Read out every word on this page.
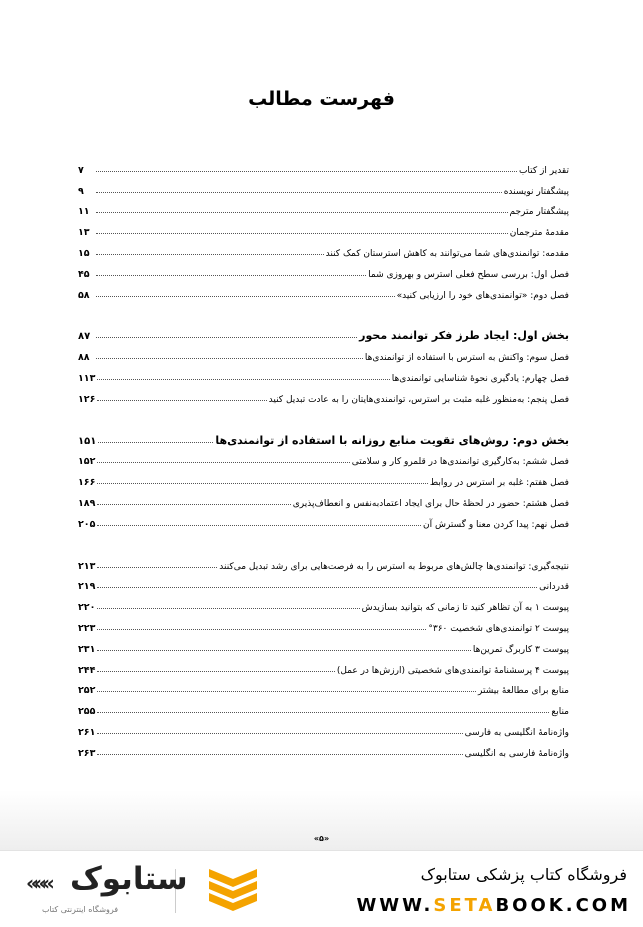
فهرست مطالب
تقدیر از کتاب
۷
پیشگفتار نویسنده
۹
پیشگفتار مترجم
۱۱
مقدمهٔ مترجمان
۱۳
مقدمه: توانمندی‌های شما می‌توانند به کاهش استرستان کمک کنند
۱۵
فصل اول: بررسی سطح فعلی استرس و بهروزی شما
۴۵
فصل دوم: «توانمندی‌های خود را ارزیابی کنید»
۵۸
بخش اول: ایجاد طرز فکر توانمند محور
۸۷
فصل سوم: واکنش به استرس با استفاده از توانمندی‌ها
۸۸
فصل چهارم: یادگیری نحوهٔ شناسایی توانمندی‌ها
۱۱۳
فصل پنجم: به‌منظور غلبه مثبت بر استرس، توانمندی‌هایتان را به عادت تبدیل کنید
۱۲۶
بخش دوم: روش‌های تقویت منابع روزانه با استفاده از توانمندی‌ها
۱۵۱
فصل ششم: به‌کارگیری توانمندی‌ها در قلمرو کار و سلامتی
۱۵۲
فصل هفتم: غلبه بر استرس در روابط
۱۶۶
فصل هشتم: حضور در لحظهٔ حال برای ایجاد اعتمادبه‌نفس و انعطاف‌پذیری
۱۸۹
فصل نهم: پیدا کردن معنا و گسترش آن
۲۰۵
نتیجه‌گیری: توانمندی‌ها چالش‌های مربوط به استرس را به فرصت‌هایی برای رشد تبدیل می‌کنند
۲۱۳
قدردانی
۲۱۹
پیوست ۱ به آن تظاهر کنید تا زمانی که بتوانید بسازیدش
۲۲۰
پیوست ۲ توانمندی‌های شخصیت ۳۶۰°
۲۲۳
پیوست ۳ کاربرگ تمرین‌ها
۲۳۱
پیوست ۴ پرسشنامهٔ توانمندی‌های شخصیتی (ارزش‌ها در عمل)
۲۴۴
منابع برای مطالعهٔ بیشتر
۲۵۲
منابع
۲۵۵
واژه‌نامهٔ انگلیسی به فارسی
۲۶۱
واژه‌نامهٔ فارسی به انگلیسی
۲۶۳
«۵»
ستابوک
«««
فروشگاه اینترنتی کتاب
فروشگاه کتاب پزشکی ستابوک
WWW.SETABOOK.COM
